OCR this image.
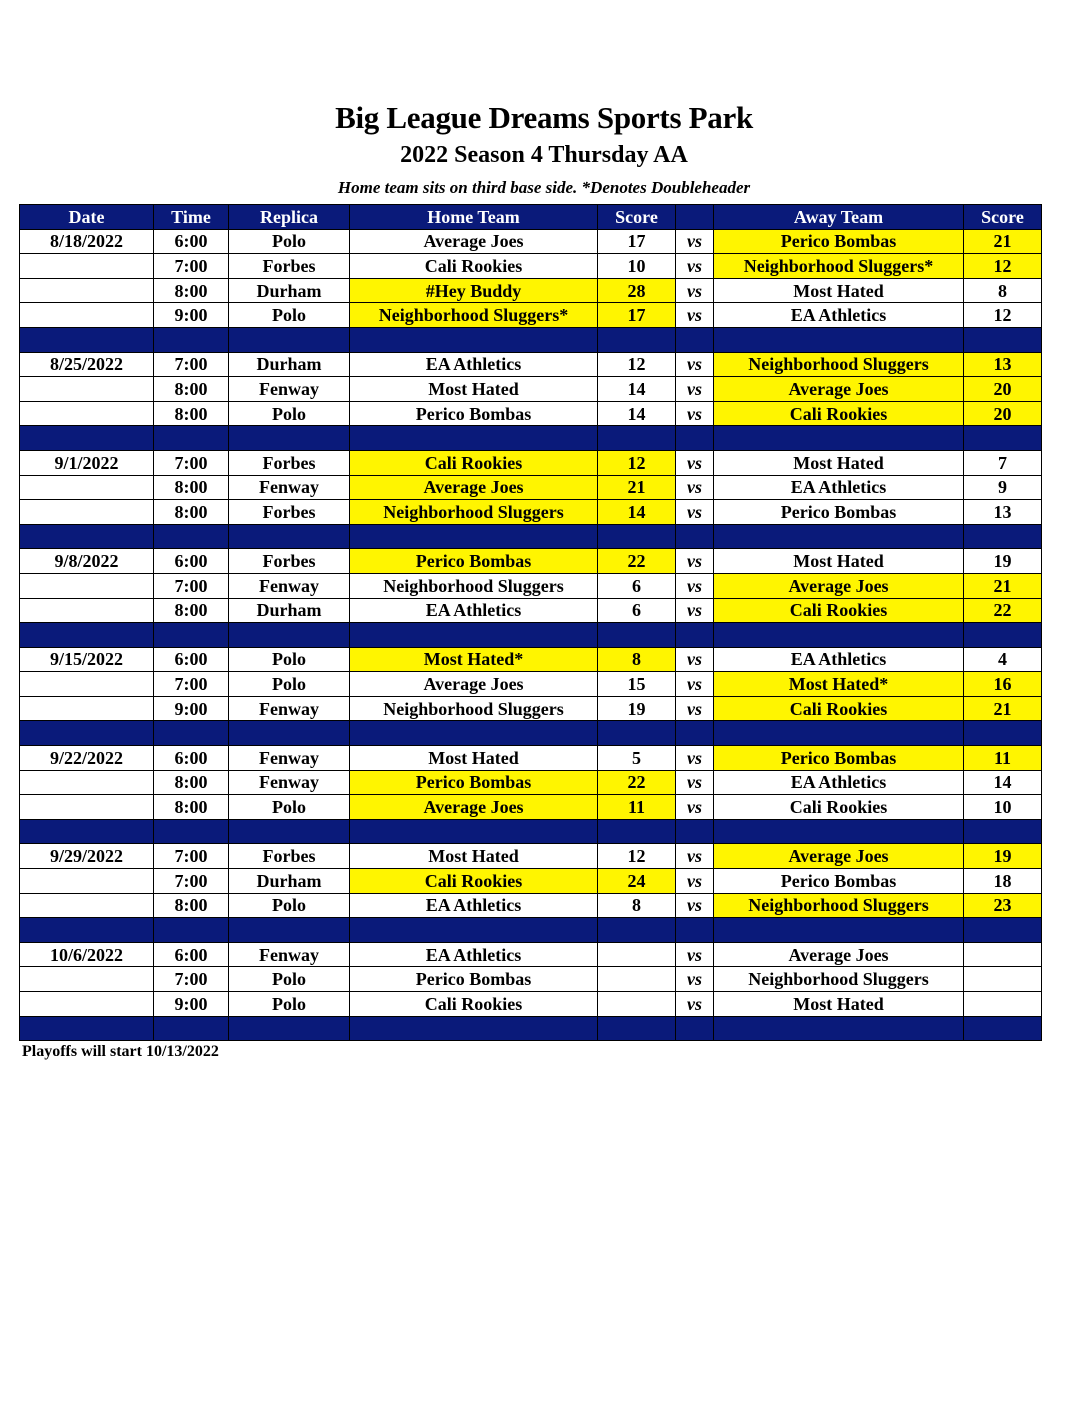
Big League Dreams Sports Park
2022 Season 4 Thursday AA
Home team sits on third base side. *Denotes Doubleheader
Date	Time	Replica	Home Team	Score		Away Team	Score
8/18/2022	6:00	Polo	Average Joes	17	vs	Perico Bombas	21
	7:00	Forbes	Cali Rookies	10	vs	Neighborhood Sluggers*	12
	8:00	Durham	#Hey Buddy	28	vs	Most Hated	8
	9:00	Polo	Neighborhood Sluggers*	17	vs	EA Athletics	12

8/25/2022	7:00	Durham	EA Athletics	12	vs	Neighborhood Sluggers	13
	8:00	Fenway	Most Hated	14	vs	Average Joes	20
	8:00	Polo	Perico Bombas	14	vs	Cali Rookies	20

9/1/2022	7:00	Forbes	Cali Rookies	12	vs	Most Hated	7
	8:00	Fenway	Average Joes	21	vs	EA Athletics	9
	8:00	Forbes	Neighborhood Sluggers	14	vs	Perico Bombas	13

9/8/2022	6:00	Forbes	Perico Bombas	22	vs	Most Hated	19
	7:00	Fenway	Neighborhood Sluggers	6	vs	Average Joes	21
	8:00	Durham	EA Athletics	6	vs	Cali Rookies	22

9/15/2022	6:00	Polo	Most Hated*	8	vs	EA Athletics	4
	7:00	Polo	Average Joes	15	vs	Most Hated*	16
	9:00	Fenway	Neighborhood Sluggers	19	vs	Cali Rookies	21

9/22/2022	6:00	Fenway	Most Hated	5	vs	Perico Bombas	11
	8:00	Fenway	Perico Bombas	22	vs	EA Athletics	14
	8:00	Polo	Average Joes	11	vs	Cali Rookies	10

9/29/2022	7:00	Forbes	Most Hated	12	vs	Average Joes	19
	7:00	Durham	Cali Rookies	24	vs	Perico Bombas	18
	8:00	Polo	EA Athletics	8	vs	Neighborhood Sluggers	23

10/6/2022	6:00	Fenway	EA Athletics		vs	Average Joes	
	7:00	Polo	Perico Bombas		vs	Neighborhood Sluggers	
	9:00	Polo	Cali Rookies		vs	Most Hated	

Playoffs will start 10/13/2022
